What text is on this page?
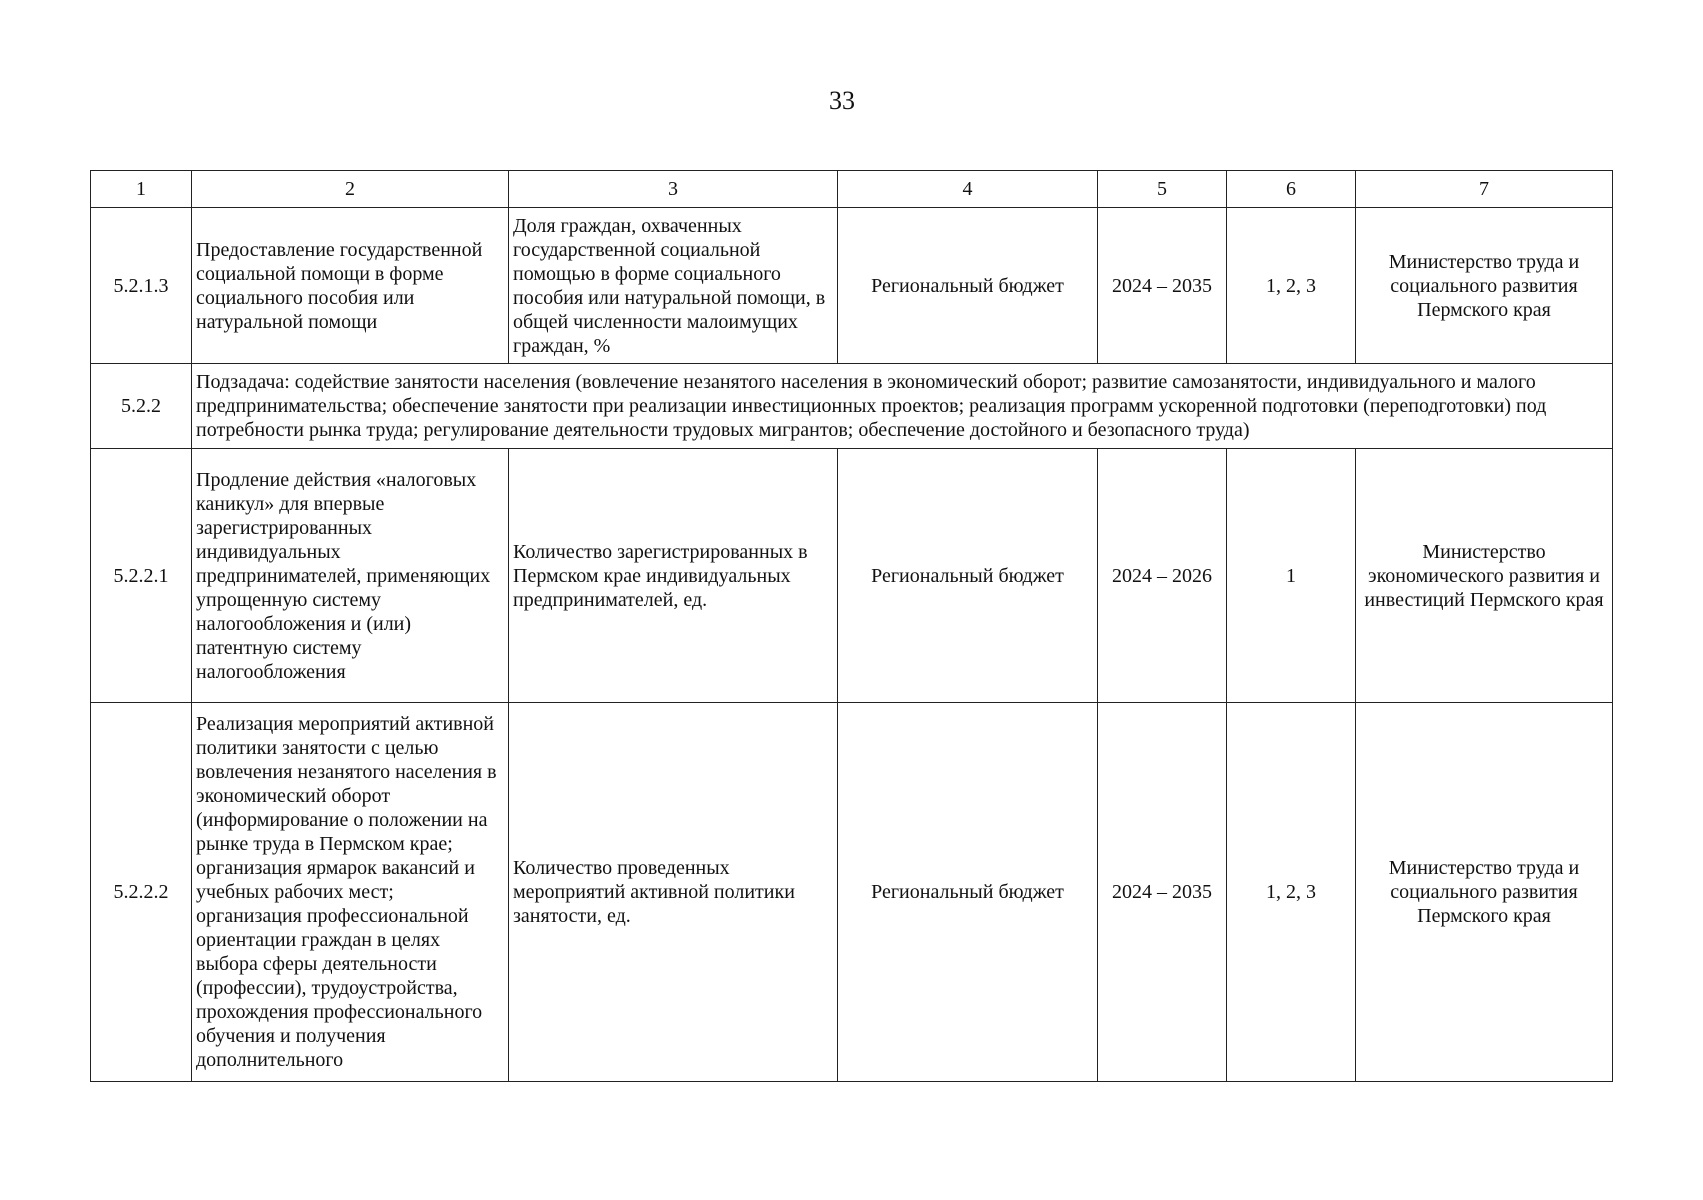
33
1	2	3	4	5	6	7
5.2.1.3	Предоставление государственной социальной помощи в форме социального пособия или натуральной помощи	Доля граждан, охваченных государственной социальной помощью в форме социального пособия или натуральной помощи, в общей численности малоимущих граждан, %	Региональный бюджет	2024 – 2035	1, 2, 3	Министерство труда и социального развития Пермского края
5.2.2	Подзадача: содействие занятости населения (вовлечение незанятого населения в экономический оборот; развитие самозанятости, индивидуального и малого предпринимательства; обеспечение занятости при реализации инвестиционных проектов; реализация программ ускоренной подготовки (переподготовки) под потребности рынка труда; регулирование деятельности трудовых мигрантов; обеспечение достойного и безопасного труда)					
5.2.2.1	Продление действия «налоговых каникул» для впервые зарегистрированных индивидуальных предпринимателей, применяющих упрощенную систему налогообложения и (или) патентную систему налогообложения	Количество зарегистрированных в Пермском крае индивидуальных предпринимателей, ед.	Региональный бюджет	2024 – 2026	1	Министерство экономического развития и инвестиций Пермского края
5.2.2.2	Реализация мероприятий активной политики занятости с целью вовлечения незанятого населения в экономический оборот (информирование о положении на рынке труда в Пермском крае; организация ярмарок вакансий и учебных рабочих мест; организация профессиональной ориентации граждан в целях выбора сферы деятельности (профессии), трудоустройства, прохождения профессионального обучения и получения дополнительного	Количество проведенных мероприятий активной политики занятости, ед.	Региональный бюджет	2024 – 2035	1, 2, 3	Министерство труда и социального развития Пермского края
